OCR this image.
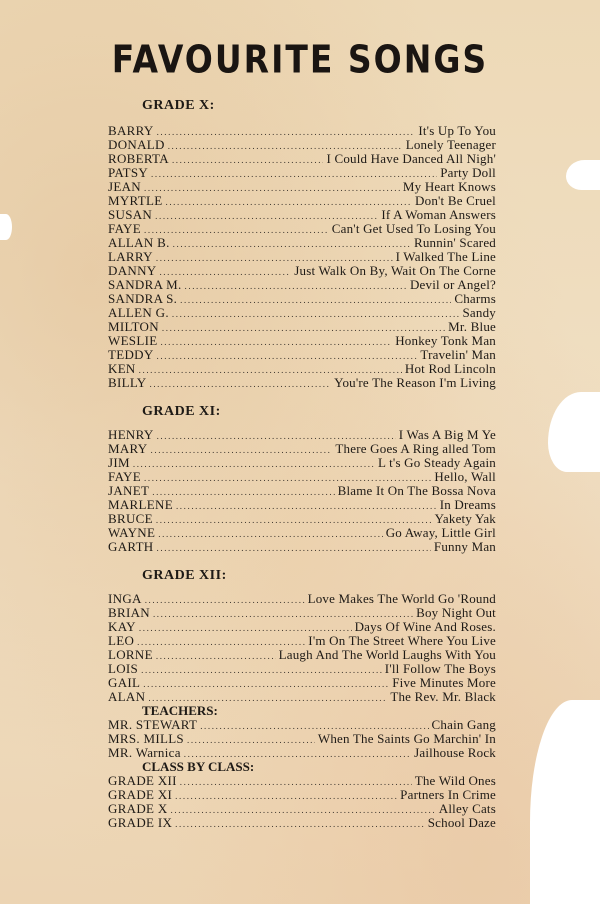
FAVOURITE SONGS
GRADE X:
BARRY .....	It's Up To You
DONALD .....	Lonely Teenager
ROBERTA .....	I Could Have Danced All Nigh'
PATSY .....	Party Doll
JEAN .....	My Heart Knows
MYRTLE .....	Don't Be Cruel
SUSAN .....	If A Woman Answers
FAYE .....	Can't Get Used To Losing You
ALLAN B. .....	Runnin' Scared
LARRY .....	I Walked The Line
DANNY .....	Just Walk On By, Wait On The Corne
SANDRA M. .....	Devil or Angel?
SANDRA S. .....	Charms
ALLEN G. .....	Sandy
MILTON .....	Mr. Blue
WESLIE .....	Honkey Tonk Man
TEDDY .....	Travelin' Man
KEN .....	Hot Rod Lincoln
BILLY .....	You're The Reason I'm Living
GRADE XI:
HENRY .....	I Was A Big M Ye
MARY .....	There Goes A Ring alled Tom
JIM .....	L t's Go Steady Again
FAYE .....	Hello, Wall
JANET .....	Blame It On The Bossa Nova
MARLENE .....	In Dreams
BRUCE .....	Yakety Yak
WAYNE .....	Go Away, Little Girl
GARTH .....	Funny Man
GRADE XII:
INGA .....	Love Makes The World Go 'Round
BRIAN .....	Boy Night Out
KAY .....	Days Of Wine And Roses.
LEO .....	I'm On The Street Where You Live
LORNE .....	Laugh And The World Laughs With You
LOIS .....	I'll Follow The Boys
GAIL .....	Five Minutes More
ALAN .....	The Rev. Mr. Black
TEACHERS:
MR. STEWART .....	Chain Gang
MRS. MILLS .....	When The Saints Go Marchin' In
MR. Warnica .....	Jailhouse Rock
CLASS BY CLASS:
GRADE XII .....	The Wild Ones
GRADE XI .....	Partners In Crime
GRADE X .....	Alley Cats
GRADE IX .....	School Daze
